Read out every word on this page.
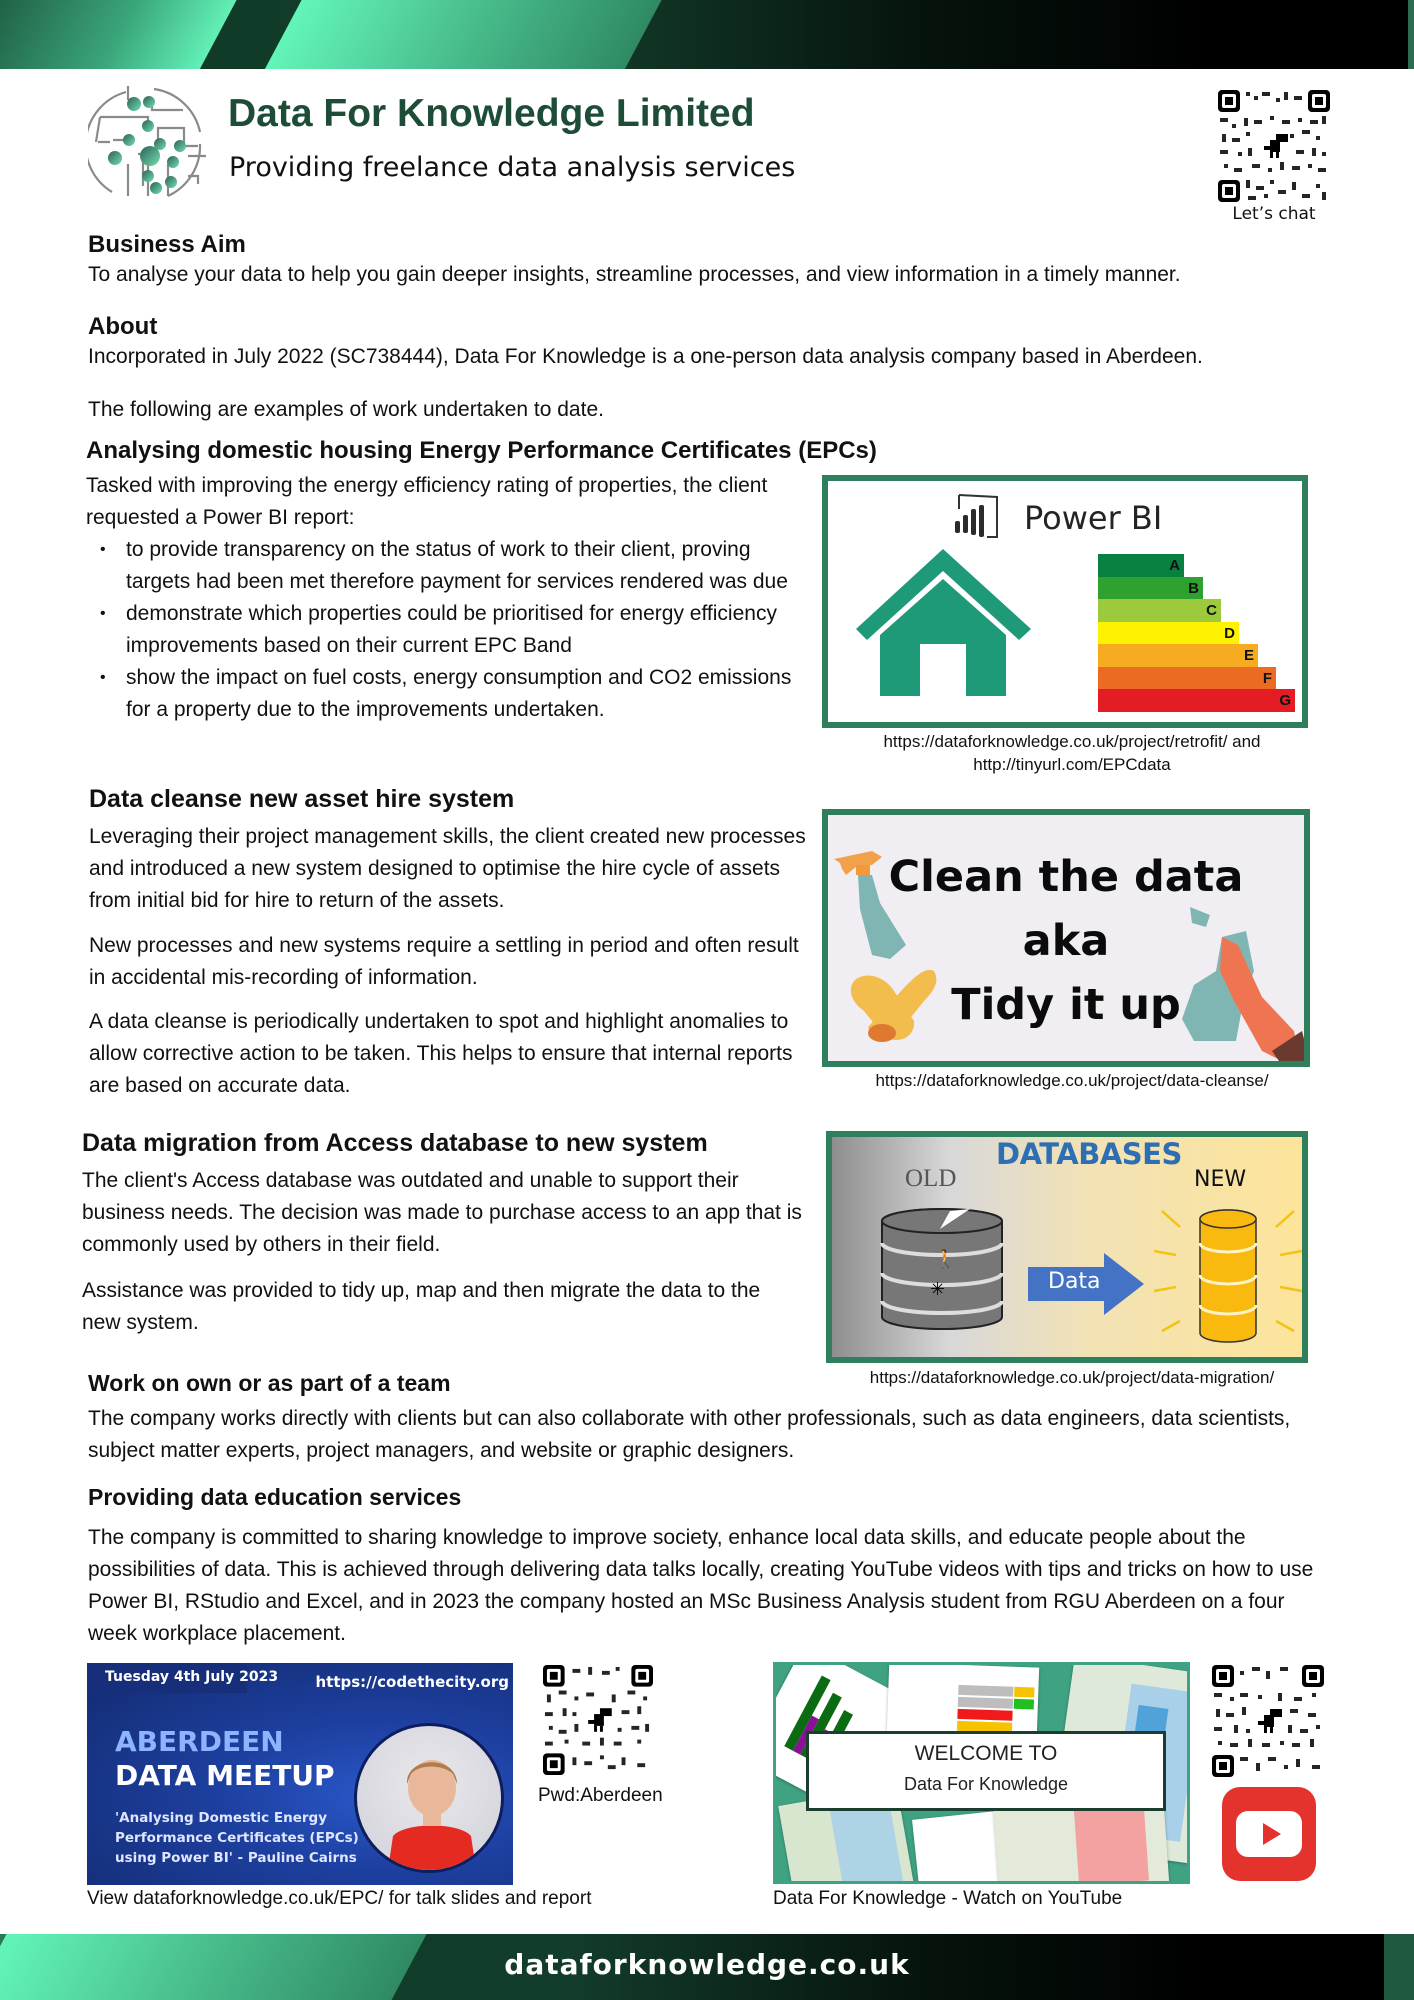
Data For Knowledge Limited
Providing freelance data analysis services
Let’s chat
Business Aim

To analyse your data to help you gain deeper insights, streamline processes, and view information in a timely manner.

About

Incorporated in July 2022 (SC738444), Data For Knowledge is a one-person data analysis company based in Aberdeen.

The following are examples of work undertaken to date.

Analysing domestic housing Energy Performance Certificates (EPCs)

Tasked with improving the energy efficiency rating of properties, the client requested a Power BI report:

• to provide transparency on the status of work to their client, proving targets had been met therefore payment for services rendered was due
• demonstrate which properties could be prioritised for energy efficiency improvements based on their current EPC Band
• show the impact on fuel costs, energy consumption and CO2 emissions for a property due to the improvements undertaken.
Power BI
A
B
C
D
E
F
G
https://dataforknowledge.co.uk/project/retrofit/ and
http://tinyurl.com/EPCdata
Data cleanse new asset hire system

Leveraging their project management skills, the client created new processes and introduced a new system designed to optimise the hire cycle of assets from initial bid for hire to return of the assets.

New processes and new systems require a settling in period and often result in accidental mis-recording of information.

A data cleanse is periodically undertaken to spot and highlight anomalies to allow corrective action to be taken. This helps to ensure that internal reports are based on accurate data.

Clean the data
aka
Tidy it up
https://dataforknowledge.co.uk/project/data-cleanse/
Data migration from Access database to new system

The client's Access database was outdated and unable to support their business needs. The decision was made to purchase access to an app that is commonly used by others in their field.

Assistance was provided to tidy up, map and then migrate the data to the new system.

DATABASES
OLD	NEW
🚶
✳	Data
https://dataforknowledge.co.uk/project/data-migration/
Work on own or as part of a team

The company works directly with clients but can also collaborate with other professionals, such as data engineers, data scientists, subject matter experts, project managers, and website or graphic designers.

Providing data education services

The company is committed to sharing knowledge to improve society, enhance local data skills, and educate people about the possibilities of data. This is achieved through delivering data talks locally, creating YouTube videos with tips and tricks on how to use Power BI, RStudio and Excel, and in 2023 the company hosted an MSc Business Analysis student from RGU Aberdeen on a four week workplace placement.

Tuesday 4th July 2023 https://codethecity.org
ABERDEEN
DATA MEETUP
'Analysing Domestic Energy
Performance Certificates (EPCs)
using Power BI' - Pauline Cairns
Pwd:Aberdeen
View dataforknowledge.co.uk/EPC/ for talk slides and report
WELCOME TO
Data For Knowledge
Data For Knowledge - Watch on YouTube
dataforknowledge.co.uk
